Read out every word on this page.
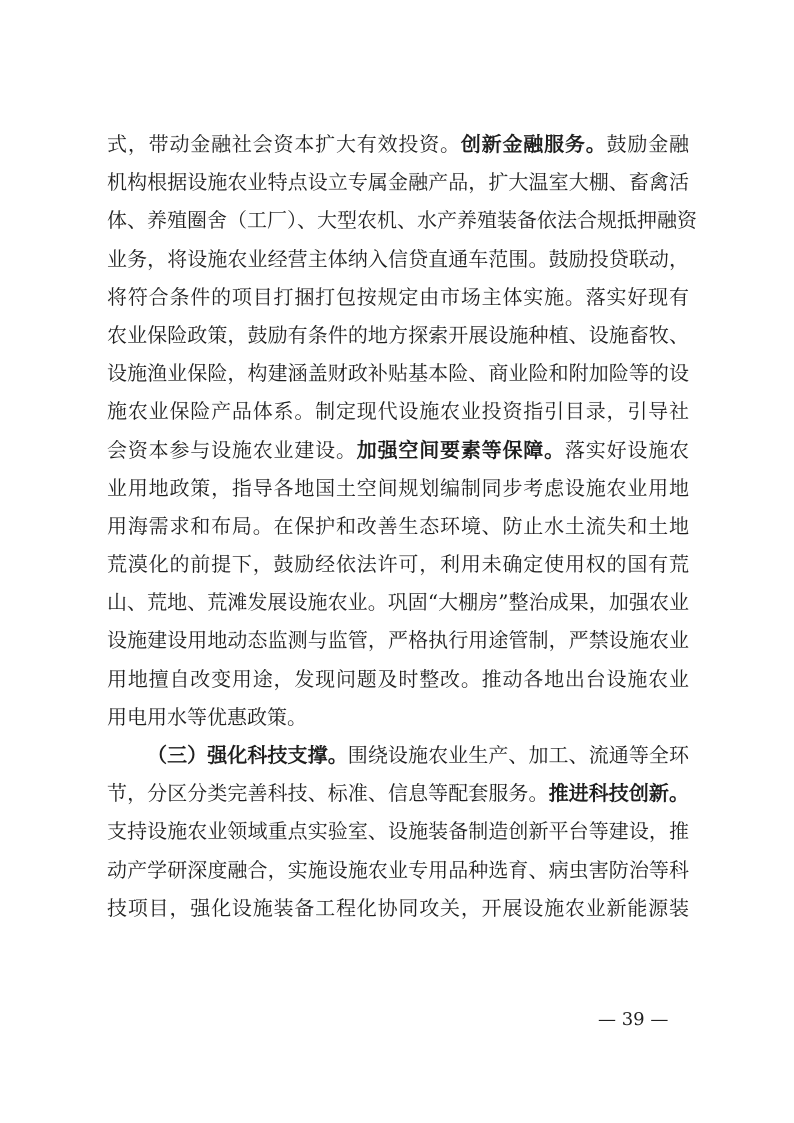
式，带动金融社会资本扩大有效投资。创新金融服务。鼓励金融
机构根据设施农业特点设立专属金融产品，扩大温室大棚、畜禽活
体、养殖圈舍（工厂）、大型农机、水产养殖装备依法合规抵押融资
业务，将设施农业经营主体纳入信贷直通车范围。鼓励投贷联动，
将符合条件的项目打捆打包按规定由市场主体实施。落实好现有
农业保险政策，鼓励有条件的地方探索开展设施种植、设施畜牧、
设施渔业保险，构建涵盖财政补贴基本险、商业险和附加险等的设
施农业保险产品体系。制定现代设施农业投资指引目录，引导社
会资本参与设施农业建设。加强空间要素等保障。落实好设施农
业用地政策，指导各地国土空间规划编制同步考虑设施农业用地
用海需求和布局。在保护和改善生态环境、防止水土流失和土地
荒漠化的前提下，鼓励经依法许可，利用未确定使用权的国有荒
山、荒地、荒滩发展设施农业。巩固“大棚房”整治成果，加强农业
设施建设用地动态监测与监管，严格执行用途管制，严禁设施农业
用地擅自改变用途，发现问题及时整改。推动各地出台设施农业
用电用水等优惠政策。
（三）强化科技支撑。围绕设施农业生产、加工、流通等全环
节，分区分类完善科技、标准、信息等配套服务。推进科技创新。
支持设施农业领域重点实验室、设施装备制造创新平台等建设，推
动产学研深度融合，实施设施农业专用品种选育、病虫害防治等科
技项目，强化设施装备工程化协同攻关，开展设施农业新能源装
— 39 —
